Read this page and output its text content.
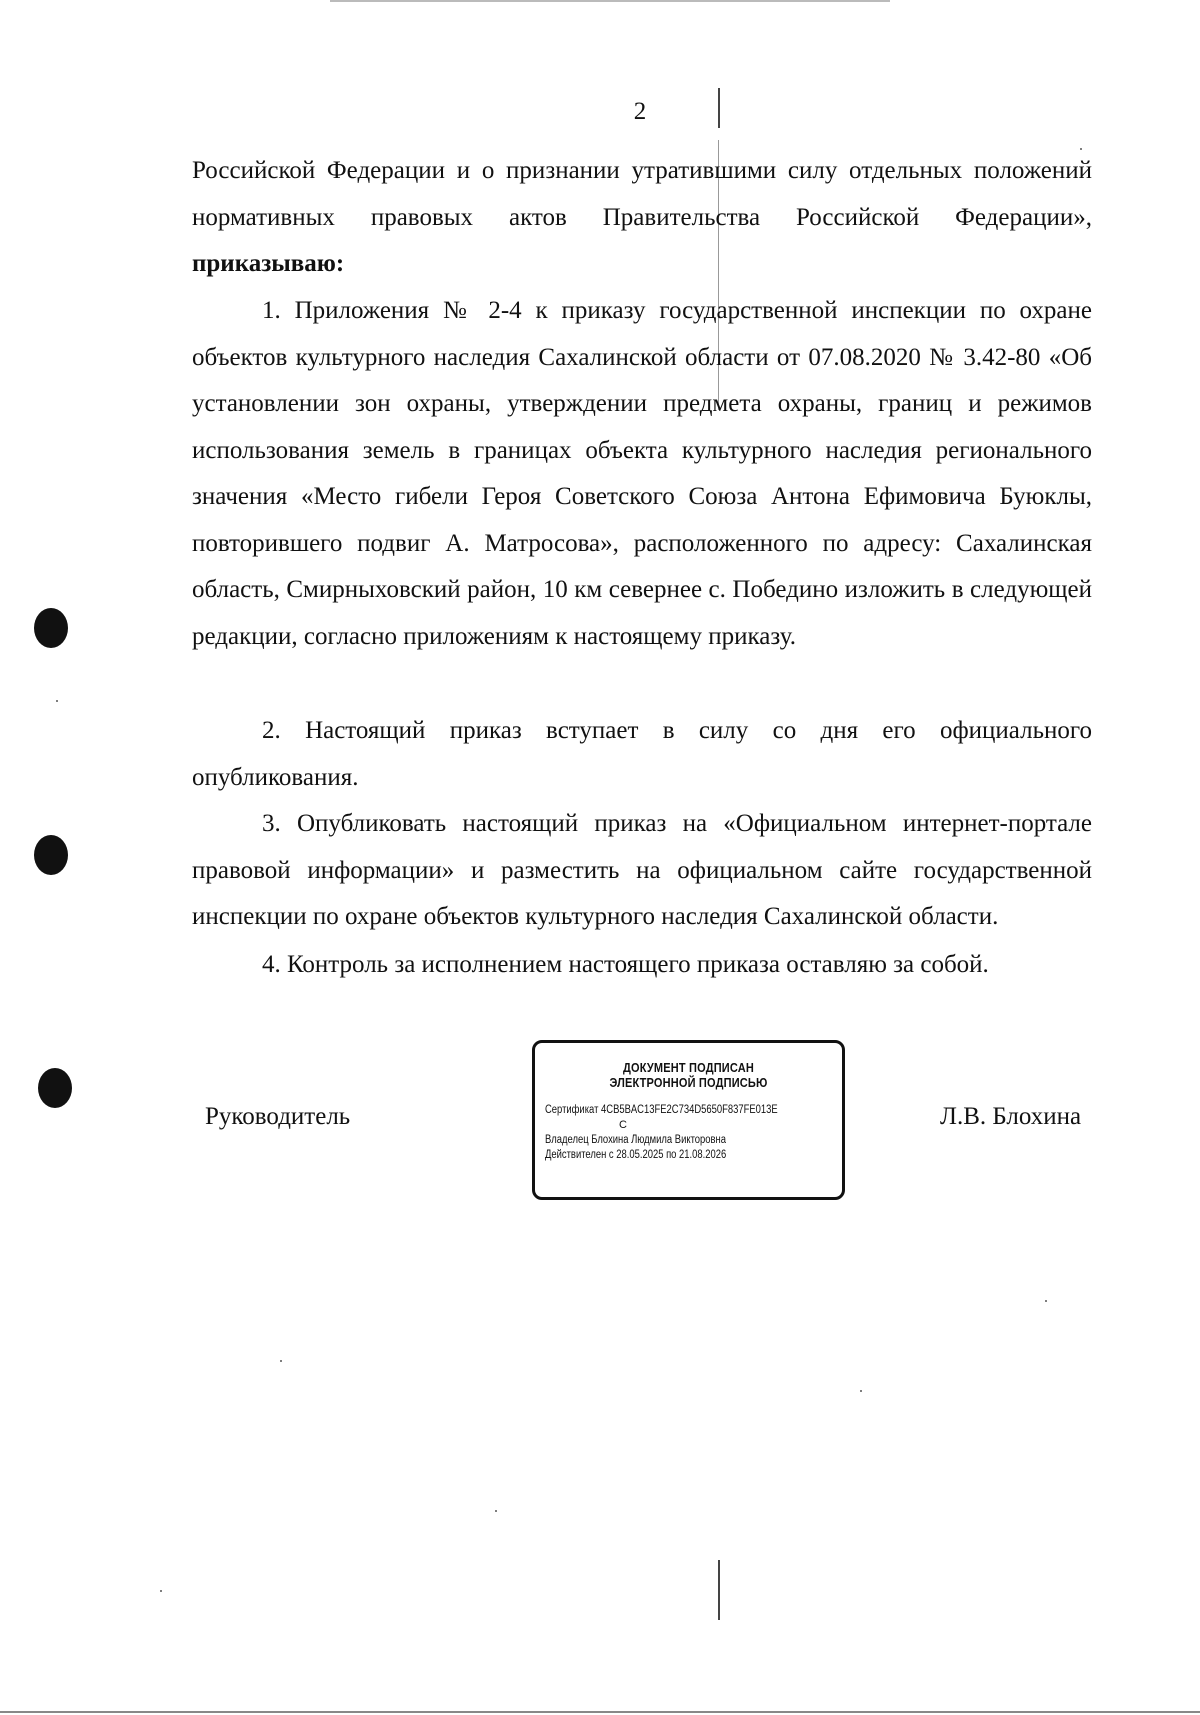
2

Российской Федерации и о признании утратившими силу отдельных положений нормативных правовых актов Правительства Российской Федерации», приказываю:

1. Приложения № 2-4 к приказу государственной инспекции по охране объектов культурного наследия Сахалинской области от 07.08.2020 № 3.42-80 «Об установлении зон охраны, утверждении предмета охраны, границ и режимов использования земель в границах объекта культурного наследия регионального значения «Место гибели Героя Советского Союза Антона Ефимовича Буюклы, повторившего подвиг А. Матросова», расположенного по адресу: Сахалинская область, Смирныховский район, 10 км севернее с. Победино изложить в следующей редакции, согласно приложениям к настоящему приказу.

2. Настоящий приказ вступает в силу со дня его официального опубликования.

3. Опубликовать настоящий приказ на «Официальном интернет-портале правовой информации» и разместить на официальном сайте государственной инспекции по охране объектов культурного наследия Сахалинской области.

4. Контроль за исполнением настоящего приказа оставляю за собой.

Руководитель
ДОКУМЕНТ ПОДПИСАН
ЭЛЕКТРОННОЙ ПОДПИСЬЮ
Сертификат 4CB5BAC13FE2C734D5650F837FE013E
C
Владелец Блохина Людмила Викторовна
Действителен с 28.05.2025 по 21.08.2026
Л.В. Блохина
